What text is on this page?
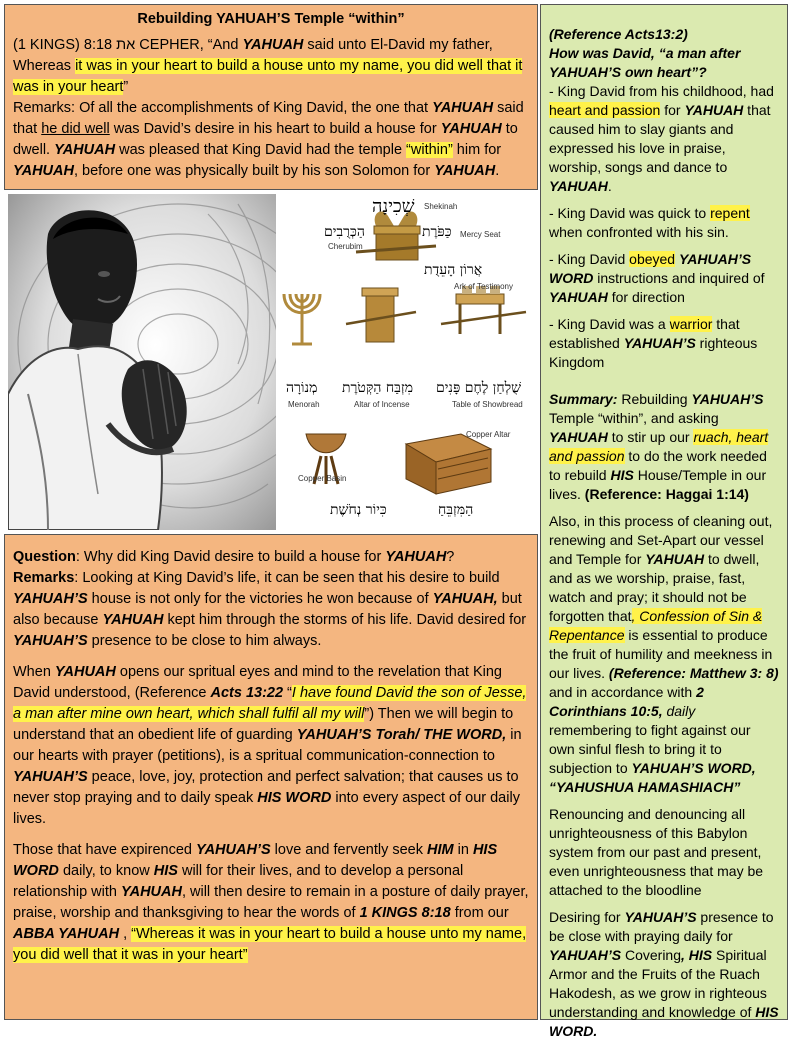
Rebuilding YAHUAH’S Temple “within”

(1 KINGS) 8:18 את CEPHER, “And YAHUAH said unto El-David my father, Whereas it was in your heart to build a house unto my name, you did well that it was in your heart”

Remarks: Of all the accomplishments of King David, the one that YAHUAH said that he did well was David’s desire in his heart to build a house for YAHUAH to dwell. YAHUAH was pleased that King David had the temple “within” him for YAHUAH, before one was physically built by his son Solomon for YAHUAH.

שְׁכִינָה Shekinah
הַכְּרֻבִים
Cherubim
כַּפֹּרֶת Mercy Seat
אֲרוֹן הָעֵדֻת
Ark of Testimony
מְנוֹרָה
Menorah
מִזְבַּח הַקְּטֹרֶת
Altar of Incense
שֻׁלְחַן לֶחֶם פָּנִים
Table of Showbread
Copper Altar
Copper Basin
כִּיוֹר נְחֹשֶׁת	הַמִּזְבֵּחַ

Question: Why did King David desire to build a house for YAHUAH?
Remarks: Looking at King David’s life, it can be seen that his desire to build YAHUAH’S house is not only for the victories he won because of YAHUAH, but also because YAHUAH kept him through the storms of his life. David desired for YAHUAH’S presence to be close to him always.

When YAHUAH opens our spritual eyes and mind to the revelation that King David understood, (Reference Acts 13:22 “I have found David the son of Jesse, a man after mine own heart, which shall fulfil all my will”) Then we will begin to understand that an obedient life of guarding YAHUAH’S Torah/ THE WORD, in our hearts with prayer (petitions), is a spritual communication-connection to YAHUAH’S peace, love, joy, protection and perfect salvation; that causes us to never stop praying and to daily speak HIS WORD into every aspect of our daily lives.

Those that have expirenced YAHUAH’S love and fervently seek HIM in HIS WORD daily, to know HIS will for their lives, and to develop a personal relationship with YAHUAH, will then desire to remain in a posture of daily prayer, praise, worship and thanksgiving to hear the words of 1 KINGS 8:18 from our ABBA YAHUAH , “Whereas it was in your heart to build a house unto my name, you did well that it was in your heart”

(Reference Acts13:2)

How was David, “a man after YAHUAH’S own heart”?

- King David from his childhood, had heart and passion for YAHUAH that caused him to slay giants and expressed his love in praise, worship, songs and dance to YAHUAH.

- King David was quick to repent when confronted with his sin.

- King David obeyed YAHUAH’S WORD instructions and inquired of YAHUAH for direction

- King David was a warrior that established YAHUAH’S righteous Kingdom

Summary: Rebuilding YAHUAH’S Temple “within”, and asking YAHUAH to stir up our ruach, heart and passion to do the work needed to rebuild HIS House/Temple in our lives. (Reference: Haggai 1:14)

Also, in this process of cleaning out, renewing and Set-Apart our vessel and Temple for YAHUAH to dwell, and as we worship, praise, fast, watch and pray; it should not be forgotten that, Confession of Sin & Repentance is essential to produce the fruit of humility and meekness in our lives. (Reference: Matthew 3: 8) and in accordance with 2 Corinthians 10:5, daily remembering to fight against our own sinful flesh to bring it to subjection to YAHUAH’S WORD, “YAHUSHUA HAMASHIACH”

Renouncing and denouncing all unrighteousness of this Babylon system from our past and present, even unrighteousness that may be attached to the bloodline

Desiring for YAHUAH’S presence to be close with praying daily for YAHUAH’S Covering, HIS Spiritual Armor and the Fruits of the Ruach Hakodesh, as we grow in righteous understanding and knowledge of HIS WORD.
